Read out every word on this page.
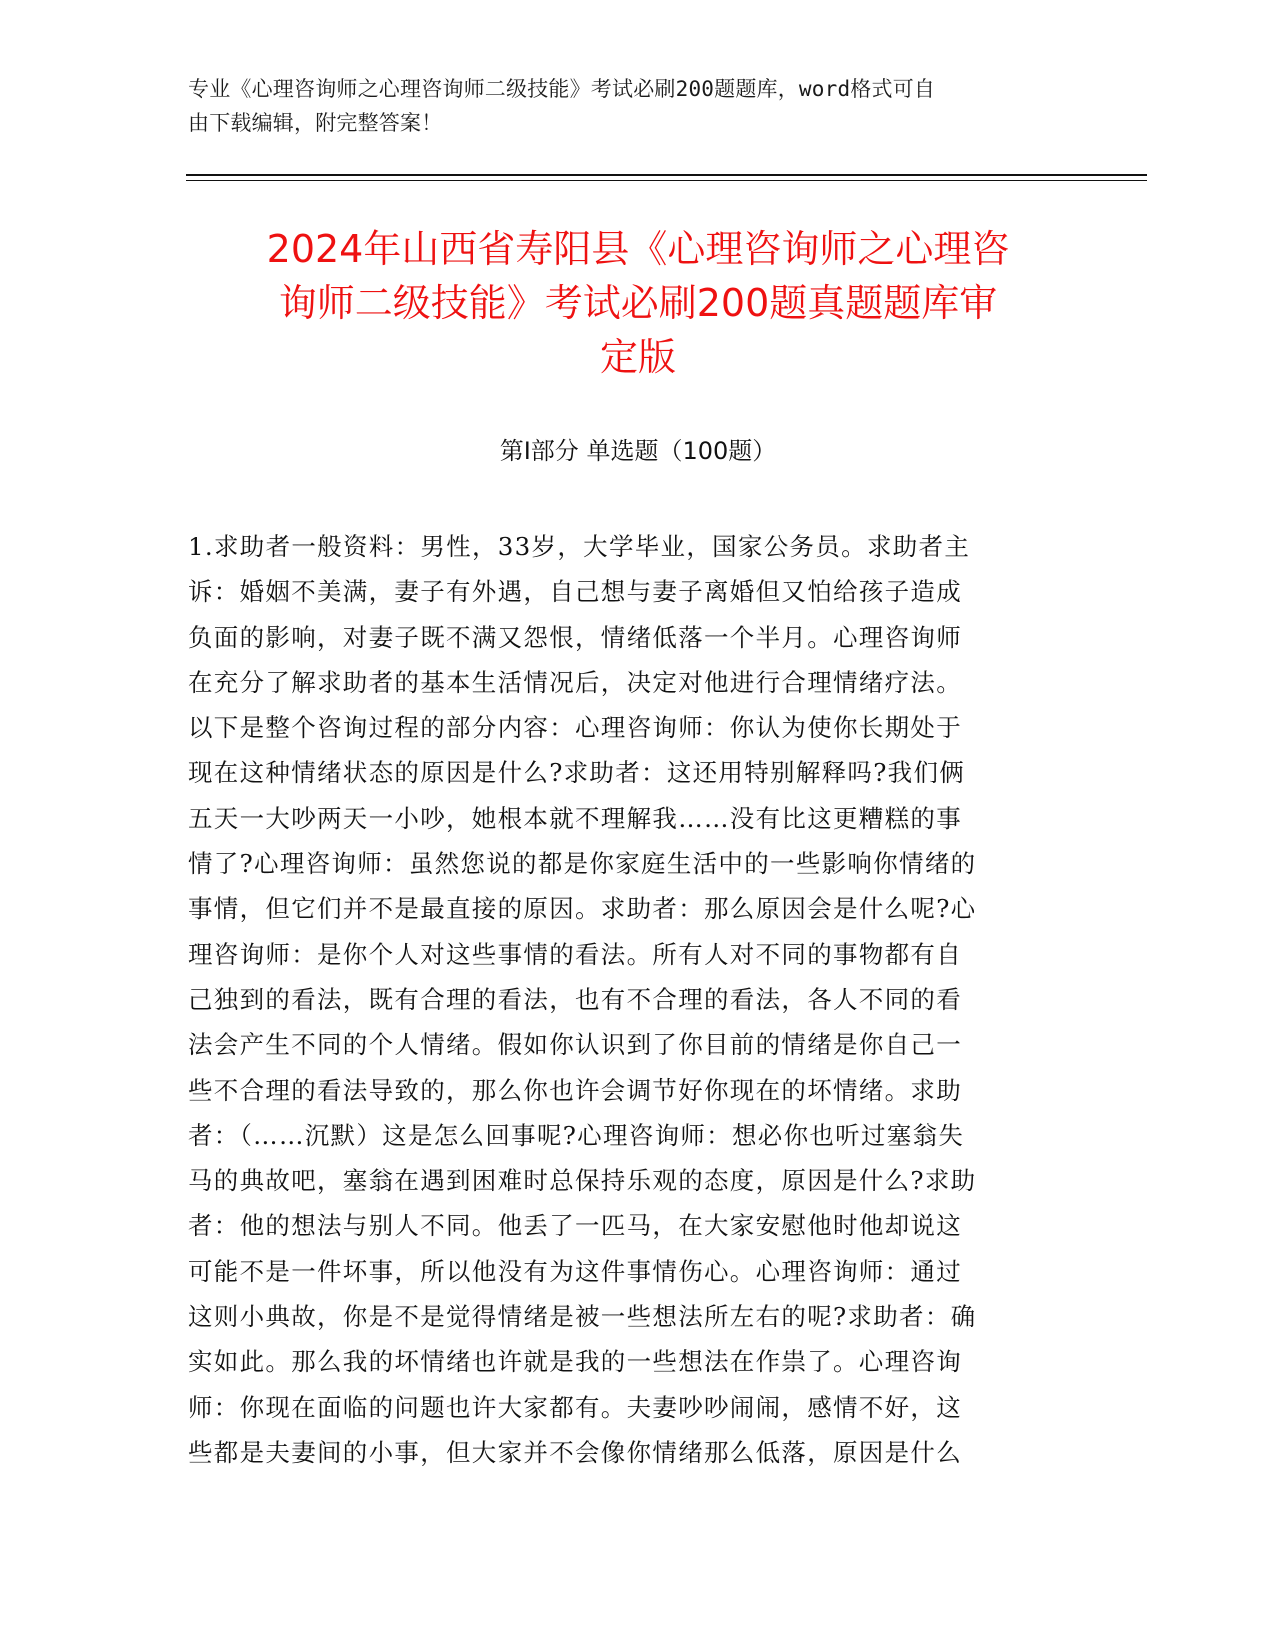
专业《心理咨询师之心理咨询师二级技能》考试必刷200题题库，word格式可自
由下载编辑，附完整答案！
2024年山西省寿阳县《心理咨询师之心理咨
询师二级技能》考试必刷200题真题题库审
定版
第I部分 单选题（100题）
1.求助者一般资料：男性，33岁，大学毕业，国家公务员。求助者主
诉：婚姻不美满，妻子有外遇，自己想与妻子离婚但又怕给孩子造成
负面的影响，对妻子既不满又怨恨，情绪低落一个半月。心理咨询师
在充分了解求助者的基本生活情况后，决定对他进行合理情绪疗法。
以下是整个咨询过程的部分内容：心理咨询师：你认为使你长期处于
现在这种情绪状态的原因是什么?求助者：这还用特别解释吗?我们俩
五天一大吵两天一小吵，她根本就不理解我……没有比这更糟糕的事
情了?心理咨询师：虽然您说的都是你家庭生活中的一些影响你情绪的
事情，但它们并不是最直接的原因。求助者：那么原因会是什么呢?心
理咨询师：是你个人对这些事情的看法。所有人对不同的事物都有自
己独到的看法，既有合理的看法，也有不合理的看法，各人不同的看
法会产生不同的个人情绪。假如你认识到了你目前的情绪是你自己一
些不合理的看法导致的，那么你也许会调节好你现在的坏情绪。求助
者：（……沉默）这是怎么回事呢?心理咨询师：想必你也听过塞翁失
马的典故吧，塞翁在遇到困难时总保持乐观的态度，原因是什么?求助
者：他的想法与别人不同。他丢了一匹马，在大家安慰他时他却说这
可能不是一件坏事，所以他没有为这件事情伤心。心理咨询师：通过
这则小典故，你是不是觉得情绪是被一些想法所左右的呢?求助者：确
实如此。那么我的坏情绪也许就是我的一些想法在作祟了。心理咨询
师：你现在面临的问题也许大家都有。夫妻吵吵闹闹，感情不好，这
些都是夫妻间的小事，但大家并不会像你情绪那么低落，原因是什么
